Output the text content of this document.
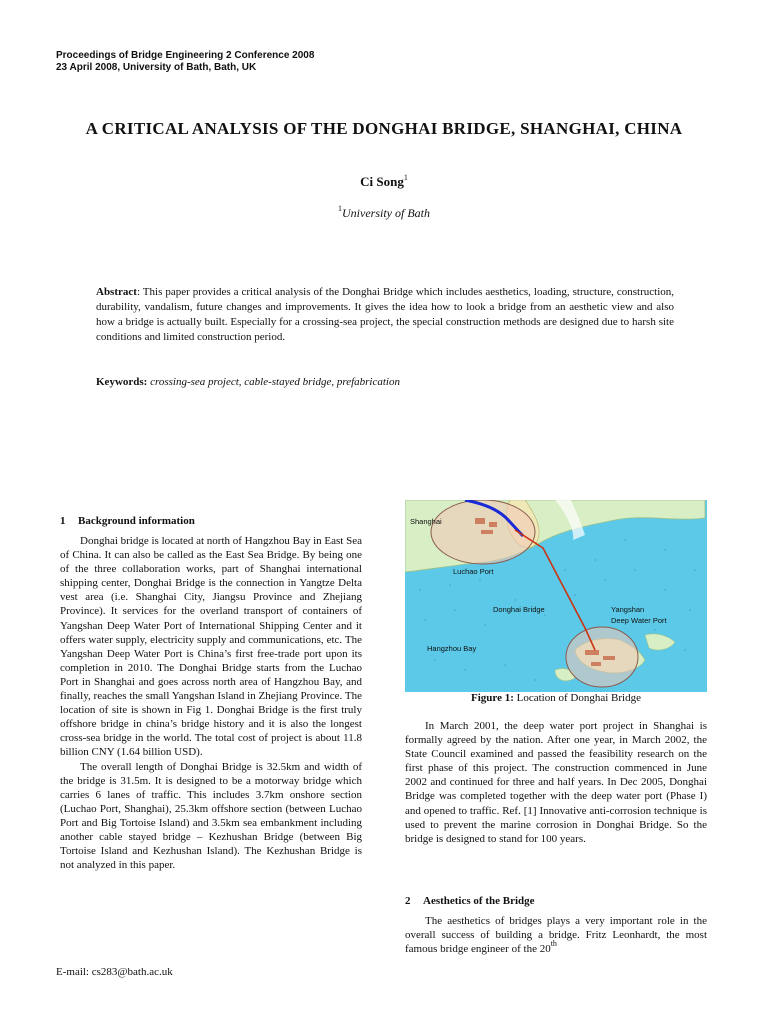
Proceedings of Bridge Engineering 2 Conference 2008
23 April 2008, University of Bath, Bath, UK
A CRITICAL ANALYSIS OF THE DONGHAI BRIDGE, SHANGHAI, CHINA
Ci Song$^1$
$^1$University of Bath
Abstract: This paper provides a critical analysis of the Donghai Bridge which includes aesthetics, loading, structure, construction, durability, vandalism, future changes and improvements. It gives the idea how to look a bridge from an aesthetic view and also how a bridge is actually built. Especially for a crossing-sea project, the special construction methods are designed due to harsh site conditions and limited construction period.
Keywords: crossing-sea project, cable-stayed bridge, prefabrication
1 Background information

Donghai bridge is located at north of Hangzhou Bay in East Sea of China. It can also be called as the East Sea Bridge. By being one of the three collaboration works, part of Shanghai international shipping center, Donghai Bridge is the connection in Yangtze Delta vest area (i.e. Shanghai City, Jiangsu Province and Zhejiang Province). It services for the overland transport of containers of Yangshan Deep Water Port of International Shipping Center and it offers water supply, electricity supply and communications, etc. The Yangshan Deep Water Port is China’s first free-trade port upon its completion in 2010. The Donghai Bridge starts from the Luchao Port in Shanghai and goes across north area of Hangzhou Bay, and finally, reaches the small Yangshan Island in Zhejiang Province. The location of site is shown in Fig 1. Donghai Bridge is the first truly offshore bridge in china’s bridge history and it is also the longest cross-sea bridge in the world. The total cost of project is about 11.8 billion CNY (1.64 billion USD).

The overall length of Donghai Bridge is 32.5km and width of the bridge is 31.5m. It is designed to be a motorway bridge which carries 6 lanes of traffic. This includes 3.7km onshore section (Luchao Port, Shanghai), 25.3km offshore section (between Luchao Port and Big Tortoise Island) and 3.5km sea embankment including another cable stayed bridge – Kezhushan Bridge (between Big Tortoise Island and Kezhushan Island). The Kezhushan Bridge is not analyzed in this paper.

Shanghai
Luchao Port
Donghai Bridge	Yangshan
Deep Water Port
Hangzhou Bay
Figure 1: Location of Donghai Bridge

In March 2001, the deep water port project in Shanghai is formally agreed by the nation. After one year, in March 2002, the State Council examined and passed the feasibility research on the first phase of this project. The construction commenced in June 2002 and continued for three and half years. In Dec 2005, Donghai Bridge was completed together with the deep water port (Phase I) and opened to traffic. Ref. [1] Innovative anti-corrosion technique is used to prevent the marine corrosion in Donghai Bridge. So the bridge is designed to stand for 100 years.

2 Aesthetics of the Bridge

The aesthetics of bridges plays a very important role in the overall success of building a bridge. Fritz Leonhardt, the most famous bridge engineer of the 20th

E-mail: cs283@bath.ac.uk
